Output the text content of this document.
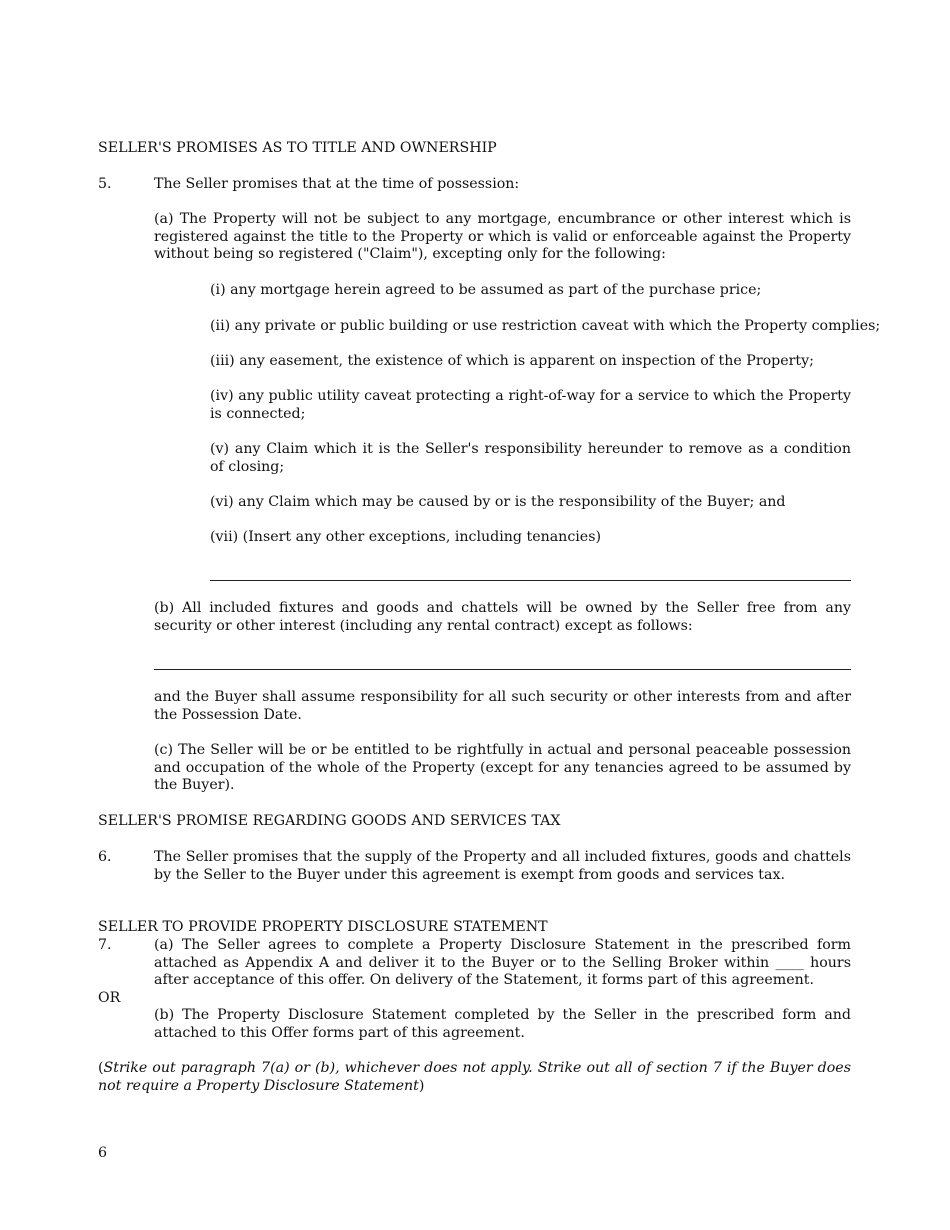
SELLER'S PROMISES AS TO TITLE AND OWNERSHIP
5.	The Seller promises that at the time of possession:
(a) The Property will not be subject to any mortgage, encumbrance or other interest which is registered against the title to the Property or which is valid or enforceable against the Property without being so registered ("Claim"), excepting only for the following:
(i) any mortgage herein agreed to be assumed as part of the purchase price;
(ii) any private or public building or use restriction caveat with which the Property complies;
(iii) any easement, the existence of which is apparent on inspection of the Property;
(iv) any public utility caveat protecting a right-of-way for a service to which the Property is connected;
(v) any Claim which it is the Seller's responsibility hereunder to remove as a condition of closing;
(vi) any Claim which may be caused by or is the responsibility of the Buyer; and
(vii) (Insert any other exceptions, including tenancies)
(b) All included fixtures and goods and chattels will be owned by the Seller free from any security or other interest (including any rental contract) except as follows:
and the Buyer shall assume responsibility for all such security or other interests from and after the Possession Date.
(c) The Seller will be or be entitled to be rightfully in actual and personal peaceable possession and occupation of the whole of the Property (except for any tenancies agreed to be assumed by the Buyer).
SELLER'S PROMISE REGARDING GOODS AND SERVICES TAX
6.	The Seller promises that the supply of the Property and all included fixtures, goods and chattels by the Seller to the Buyer under this agreement is exempt from goods and services tax.
SELLER TO PROVIDE PROPERTY DISCLOSURE STATEMENT
7.	(a) The Seller agrees to complete a Property Disclosure Statement in the prescribed form attached as Appendix A and deliver it to the Buyer or to the Selling Broker within ____ hours after acceptance of this offer. On delivery of the Statement, it forms part of this agreement.
OR
(b) The Property Disclosure Statement completed by the Seller in the prescribed form and attached to this Offer forms part of this agreement.
(Strike out paragraph 7(a) or (b), whichever does not apply. Strike out all of section 7 if the Buyer does not require a Property Disclosure Statement)
6
